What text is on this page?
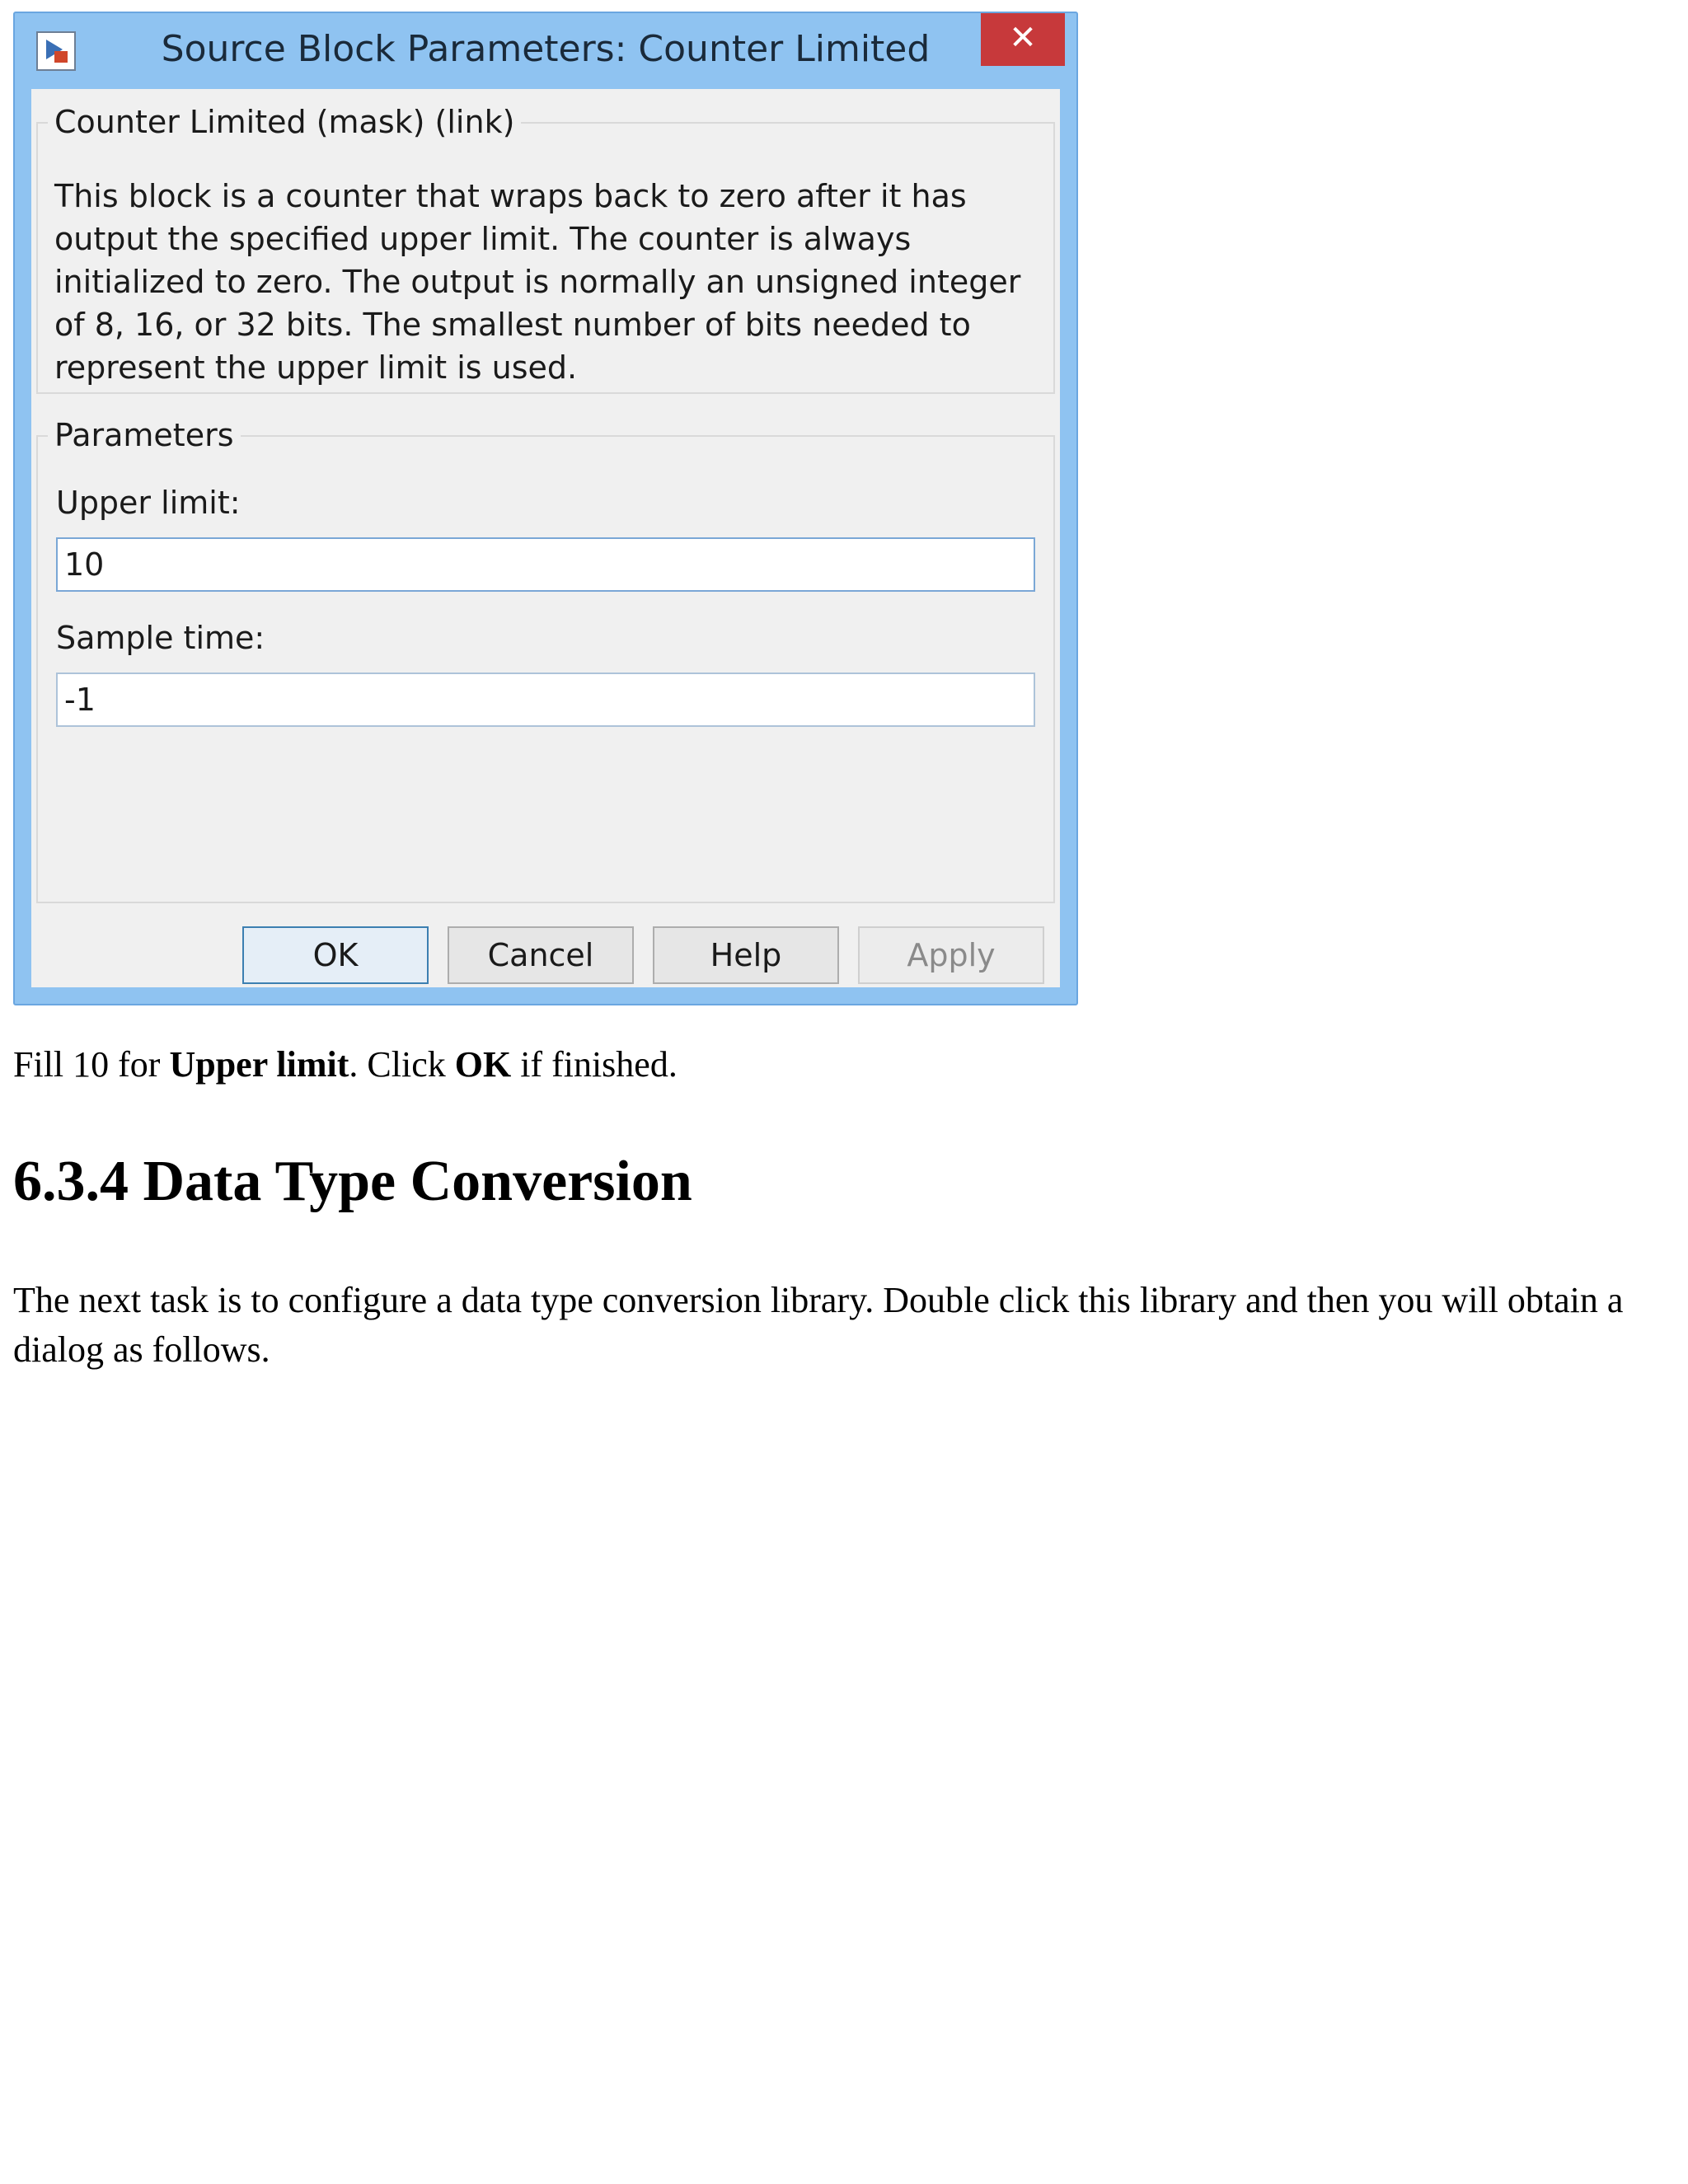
Source Block Parameters: Counter Limited	✕
Counter Limited (mask) (link)

This block is a counter that wraps back to zero after it has output the specified upper limit. The counter is always initialized to zero. The output is normally an unsigned integer of 8, 16, or 32 bits. The smallest number of bits needed to represent the upper limit is used.

Parameters
Upper limit:
10
Sample time:
-1
OK	Cancel	Help	Apply

Fill 10 for Upper limit. Click OK if finished.

6.3.4 Data Type Conversion

The next task is to configure a data type conversion library. Double click this library and then you will obtain a dialog as follows.
